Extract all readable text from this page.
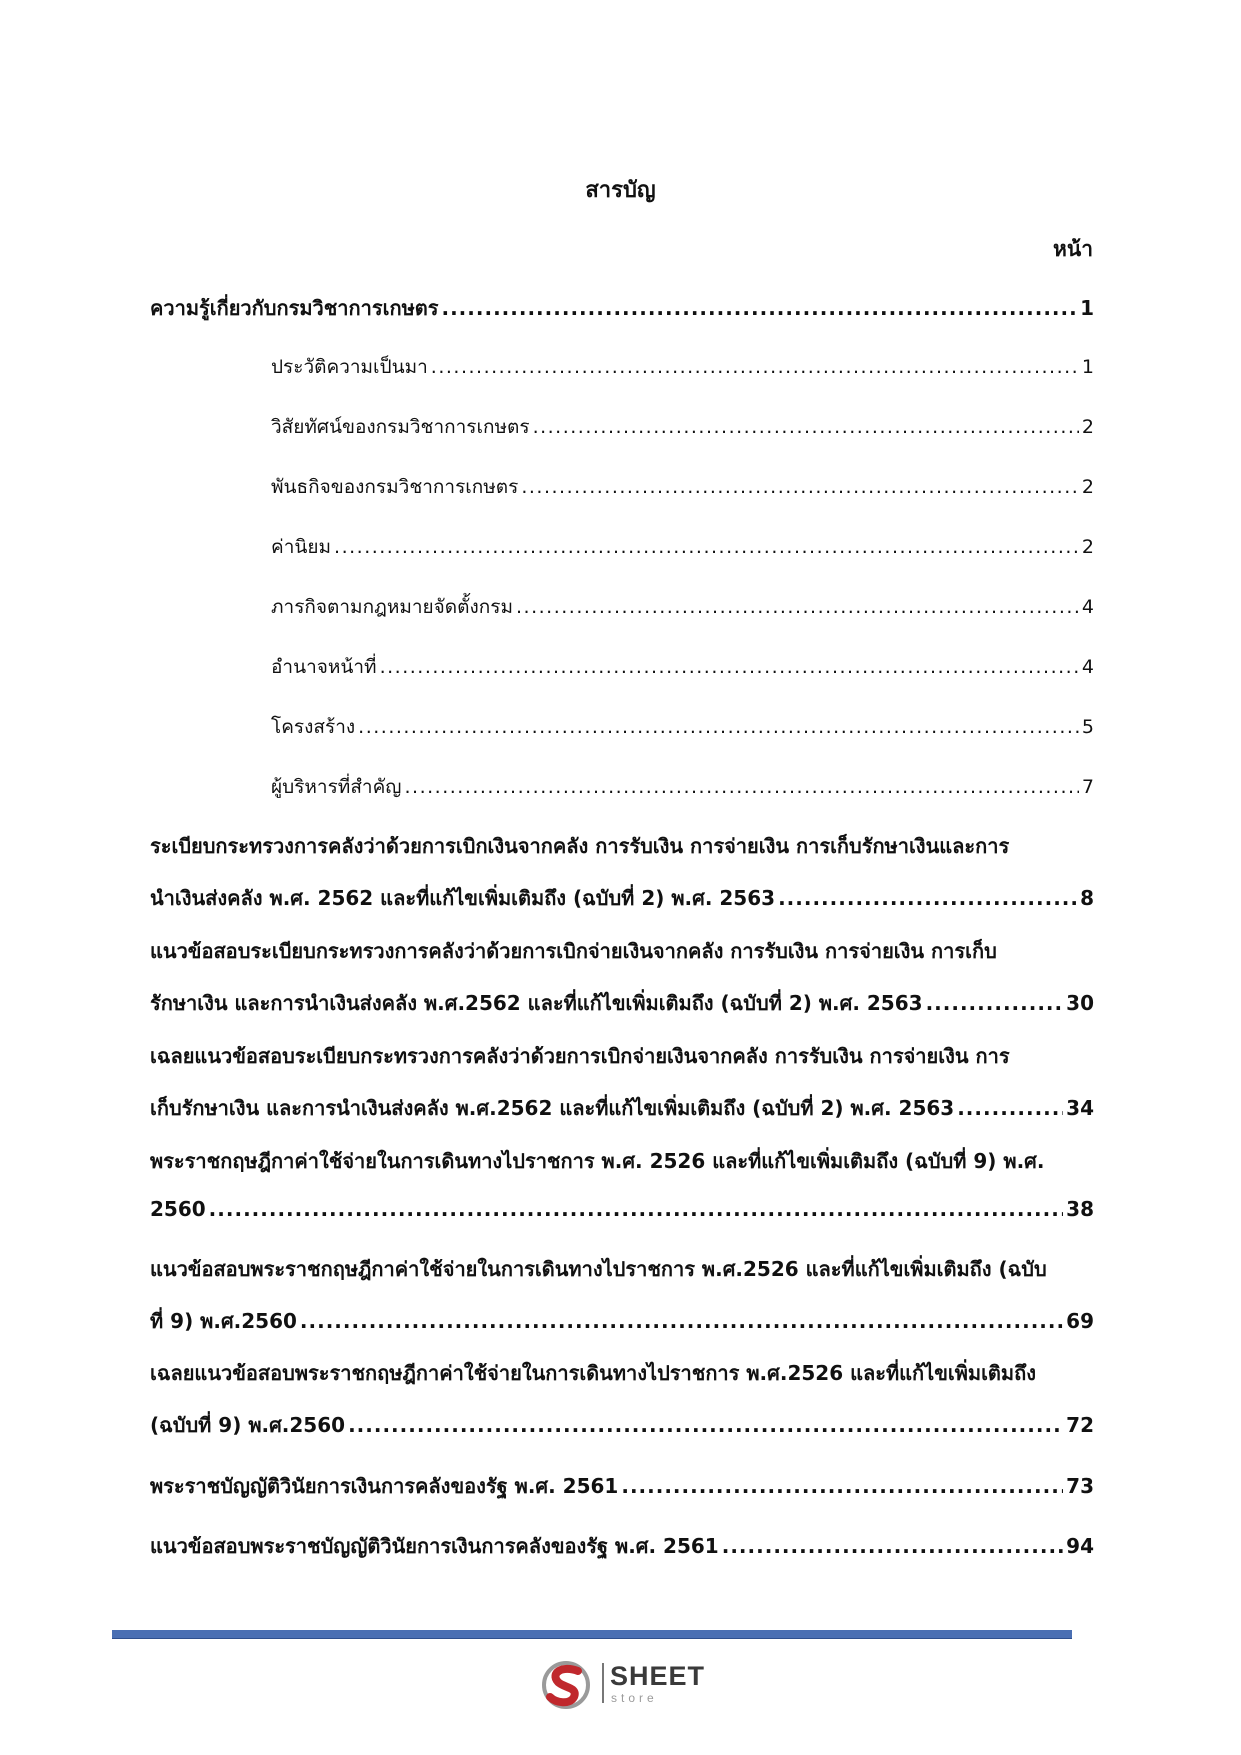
สารบัญ
หน้า
ความรู้เกี่ยวกับกรมวิชาการเกษตร .....	1
ประวัติความเป็นมา .....	1
วิสัยทัศน์ของกรมวิชาการเกษตร .....	2
พันธกิจของกรมวิชาการเกษตร .....	2
ค่านิยม .....	2
ภารกิจตามกฎหมายจัดตั้งกรม .....	4
อำนาจหน้าที่ .....	4
โครงสร้าง .....	5
ผู้บริหารที่สำคัญ .....	7
ระเบียบกระทรวงการคลังว่าด้วยการเบิกเงินจากคลัง การรับเงิน การจ่ายเงิน การเก็บรักษาเงินและการ
นำเงินส่งคลัง พ.ศ. 2562 และที่แก้ไขเพิ่มเติมถึง (ฉบับที่ 2) พ.ศ. 2563 .....	8
แนวข้อสอบระเบียบกระทรวงการคลังว่าด้วยการเบิกจ่ายเงินจากคลัง การรับเงิน การจ่ายเงิน การเก็บ
รักษาเงิน และการนำเงินส่งคลัง พ.ศ.2562 และที่แก้ไขเพิ่มเติมถึง (ฉบับที่ 2) พ.ศ. 2563 .....	30
เฉลยแนวข้อสอบระเบียบกระทรวงการคลังว่าด้วยการเบิกจ่ายเงินจากคลัง การรับเงิน การจ่ายเงิน การ
เก็บรักษาเงิน และการนำเงินส่งคลัง พ.ศ.2562 และที่แก้ไขเพิ่มเติมถึง (ฉบับที่ 2) พ.ศ. 2563 .....	34
พระราชกฤษฎีกาค่าใช้จ่ายในการเดินทางไปราชการ พ.ศ. 2526 และที่แก้ไขเพิ่มเติมถึง (ฉบับที่ 9) พ.ศ.
2560 .....	38
แนวข้อสอบพระราชกฤษฎีกาค่าใช้จ่ายในการเดินทางไปราชการ พ.ศ.2526 และที่แก้ไขเพิ่มเติมถึง (ฉบับ
ที่ 9) พ.ศ.2560 .....	69
เฉลยแนวข้อสอบพระราชกฤษฎีกาค่าใช้จ่ายในการเดินทางไปราชการ พ.ศ.2526 และที่แก้ไขเพิ่มเติมถึง
(ฉบับที่ 9) พ.ศ.2560 .....	72
พระราชบัญญัติวินัยการเงินการคลังของรัฐ พ.ศ. 2561 .....	73
แนวข้อสอบพระราชบัญญัติวินัยการเงินการคลังของรัฐ พ.ศ. 2561 .....	94
SHEET
store
